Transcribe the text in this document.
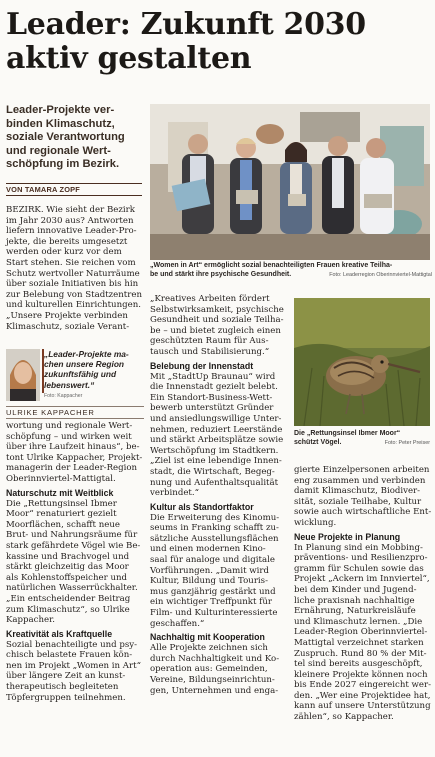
Leader: Zukunft 2030
aktiv gestalten
Leader-Projekte ver-
binden Klimaschutz,
soziale Verantwortung
und regionale Wert-
schöpfung im Bezirk.
VON TAMARA ZOPF
„Women in Art“ ermöglicht sozial benachteiligten Frauen kreative Teilha-
be und stärkt ihre psychische Gesundheit.	Foto: Leaderregion Oberinnviertel-Mattigtal
Die „Rettungsinsel Ibmer Moor“
schützt Vögel.	Foto: Peter Preiser
„Leader-Projekte ma-
chen unsere Region
zukunftsfähig und
lebenswert.“
Foto: Kappacher
ULRIKE KAPPACHER

BEZIRK. Wie sieht der Bezirk
im Jahr 2030 aus? Antworten
liefern innovative Leader-Pro-
jekte, die bereits umgesetzt
werden oder kurz vor dem
Start stehen. Sie reichen vom
Schutz wertvoller Naturräume
über soziale Initiativen bis hin
zur Belebung von Stadtzentren
und kulturellen Einrichtungen.
„Unsere Projekte verbinden
Klimaschutz, soziale Verant-

wortung und regionale Wert-
schöpfung – und wirken weit
über ihre Laufzeit hinaus“, be-
tont Ulrike Kappacher, Projekt-
managerin der Leader-Region
Oberinnviertel-Mattigtal.

Naturschutz mit Weitblick

Die „Rettungsinsel Ibmer
Moor“ renaturiert gezielt
Moorflächen, schafft neue
Brut- und Nahrungsräume für
stark gefährdete Vögel wie Be-
kassine und Brachvogel und
stärkt gleichzeitig das Moor
als Kohlenstoffspeicher und
natürlichen Wasserrückhalter.
„Ein entscheidender Beitrag
zum Klimaschutz“, so Ulrike
Kappacher.

Kreativität als Kraftquelle

Sozial benachteiligte und psy-
chisch belastete Frauen kön-
nen im Projekt „Women in Art“
über längere Zeit an kunst-
therapeutisch begleiteten
Töpfergruppen teilnehmen.

„Kreatives Arbeiten fördert
Selbstwirksamkeit, psychische
Gesundheit und soziale Teilha-
be – und bietet zugleich einen
geschützten Raum für Aus-
tausch und Stabilisierung.“

Belebung der Innenstadt

Mit „StadtUp Braunau“ wird
die Innenstadt gezielt belebt.
Ein Standort-Business-Wett-
bewerb unterstützt Gründer
und ansiedlungswillige Unter-
nehmen, reduziert Leerstände
und stärkt Arbeitsplätze sowie
Wertschöpfung im Stadtkern.
„Ziel ist eine lebendige Innen-
stadt, die Wirtschaft, Begeg-
nung und Aufenthaltsqualität
verbindet.“

Kultur als Standortfaktor

Die Erweiterung des Kinomu-
seums in Franking schafft zu-
sätzliche Ausstellungsflächen
und einen modernen Kino-
saal für analoge und digitale
Vorführungen. „Damit wird
Kultur, Bildung und Touris-
mus ganzjährig gestärkt und
ein wichtiger Treffpunkt für
Film- und Kulturinteressierte
geschaffen.“

Nachhaltig mit Kooperation

Alle Projekte zeichnen sich
durch Nachhaltigkeit und Ko-
operation aus: Gemeinden,
Vereine, Bildungseinrichtun-
gen, Unternehmen und enga-

gierte Einzelpersonen arbeiten
eng zusammen und verbinden
damit Klimaschutz, Biodiver-
sität, soziale Teilhabe, Kultur
sowie auch wirtschaftliche Ent-
wicklung.

Neue Projekte in Planung

In Planung sind ein Mobbing-
präventions- und Resilienzpro-
gramm für Schulen sowie das
Projekt „Ackern im Innviertel“,
bei dem Kinder und Jugend-
liche praxisnah nachhaltige
Ernährung, Naturkreisläufe
und Klimaschutz lernen. „Die
Leader-Region Oberinnviertel-
Mattigtal verzeichnet starken
Zuspruch. Rund 80 % der Mit-
tel sind bereits ausgeschöpft,
kleinere Projekte können noch
bis Ende 2027 eingereicht wer-
den. „Wer eine Projektidee hat,
kann auf unsere Unterstützung
zählen“, so Kappacher.
